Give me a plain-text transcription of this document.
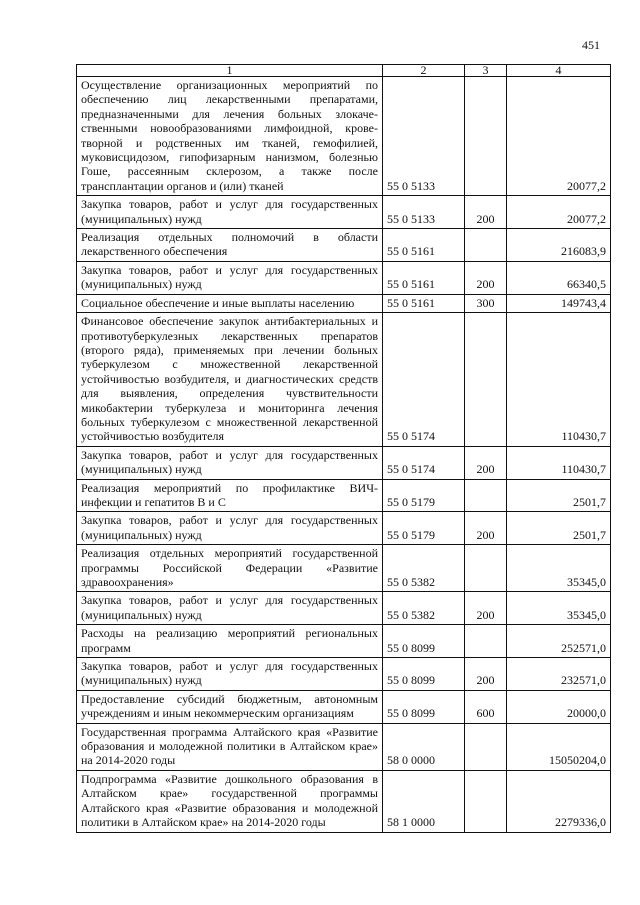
451
1	2	3	4
Осуществление организационных мероприятий по обеспечению лиц лекарственными препаратами, предназначенными для лечения больных злокачественными новообразованиями лимфоидной, кроветворной и родственных им тканей, гемофилией, муковисцидозом, гипофизарным нанизмом, болезнью Гоше, рассеянным склерозом, а также после трансплантации органов и (или) тканей	55 0 5133		20077,2
Закупка товаров, работ и услуг для государственных (муниципальных) нужд	55 0 5133	200	20077,2
Реализация отдельных полномочий в области лекарственного обеспечения	55 0 5161		216083,9
Закупка товаров, работ и услуг для государственных (муниципальных) нужд	55 0 5161	200	66340,5
Социальное обеспечение и иные выплаты населению	55 0 5161	300	149743,4
Финансовое обеспечение закупок антибактериальных и противотуберкулезных лекарственных препаратов (второго ряда), применяемых при лечении больных туберкулезом с множественной лекарственной устойчивостью возбудителя, и диагностических средств для выявления, определения чувствительности микобактерии туберкулеза и мониторинга лечения больных туберкулезом с множественной лекарственной устойчивостью возбудителя	55 0 5174		110430,7
Закупка товаров, работ и услуг для государственных (муниципальных) нужд	55 0 5174	200	110430,7
Реализация мероприятий по профилактике ВИЧ-инфекции и гепатитов В и С	55 0 5179		2501,7
Закупка товаров, работ и услуг для государственных (муниципальных) нужд	55 0 5179	200	2501,7
Реализация отдельных мероприятий государственной программы Российской Федерации «Развитие здравоохранения»	55 0 5382		35345,0
Закупка товаров, работ и услуг для государственных (муниципальных) нужд	55 0 5382	200	35345,0
Расходы на реализацию мероприятий региональных программ	55 0 8099		252571,0
Закупка товаров, работ и услуг для государственных (муниципальных) нужд	55 0 8099	200	232571,0
Предоставление субсидий бюджетным, автономным учреждениям и иным некоммерческим организациям	55 0 8099	600	20000,0
Государственная программа Алтайского края «Развитие образования и молодежной политики в Алтайском крае» на 2014-2020 годы	58 0 0000		15050204,0
Подпрограмма «Развитие дошкольного образования в Алтайском крае» государственной программы Алтайского края «Развитие образования и молодежной политики в Алтайском крае» на 2014-2020 годы	58 1 0000		2279336,0
